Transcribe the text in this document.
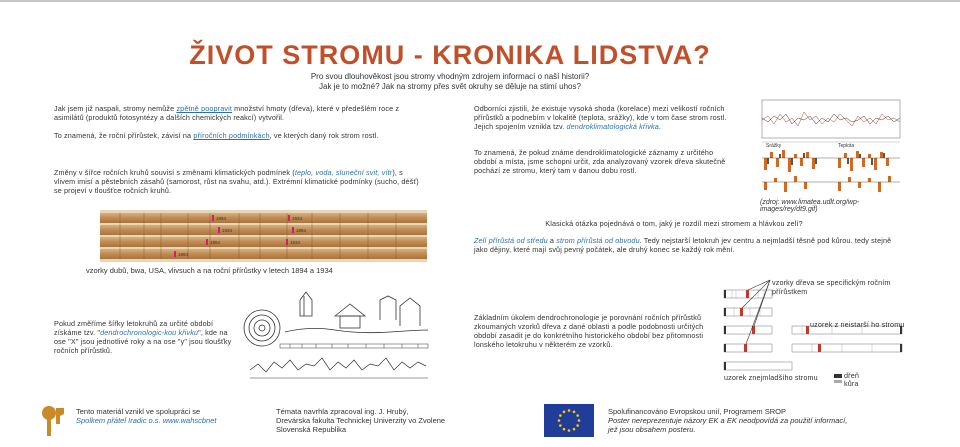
ŽIVOT STROMU - KRONIKA LIDSTVA?
Pro svou dlouhověkost jsou stromy vhodným zdrojem informací o naší historii?
Jak je to možné? Jak na stromy přes svět okruhy se děluje na stimí uhos?
Jak jsem již naspali, stromy nemůže zpětně poopravit množství hmoty (dřeva), které v předešlém roce z asimilátů (produktů fotosyntézy a dalších chemických reakcí) vytvořil.
To znamená, že roční přírůstek, závisí na příročních podmínkách, ve kterých daný rok strom rostl.
Změny v šířce ročních kruhů souvisí s změnami klimatických podmínek (teplo, voda, sluneční svit, vítr), s vlivem imisí a pěstebních zásahů (samorost, růst na svahu, atd.). Extrémní klimatické podmínky (sucho, déšť) se projeví v tloušťce ročních kruhů.
1894
1934
1894
1934
1894
1934
1894
vzorky dubů, bwa, USA, vlivsuch a na roční přírůstky v letech 1894 a 1934
Pokud změříme šířky letokruhů za určité období získáme tzv. "dendrochronologic-kou křivku", kde na ose "X" jsou jednotlivé roky a na ose "y" jsou tloušťky ročních přírůstků.
Odborníci zjistili, že existuje vysoká shoda (korelace) mezi velikostí ročních přírůstků a podnebím v lokalitě (teplota, srážky), kde v tom čase strom rostl. Jejich spojením vznikla tzv. dendroklimatologická křivka.
To znamená, že pokud známe dendroklimatologické záznamy z určitého období a místa, jsme schopni určit, zda analyzovaný vzorek dřeva skutečně pochází ze stromu, který tam v danou dobu rostl.
Srážky	Teplota
(zdroj: www.limatea.udlt.org/wp-images/rey/dt9.gif)
Klasická otázka pojednává o tom, jaký je rozdíl mezi stromem a hlávkou zelí?
Zelí přírůstá od středu a strom přírůstá od obvodu. Tedy nejstarší letokruh jev centru a nejmladší těsně pod kůrou. tedy stejně jako dějiny, které mají svůj pevný počátek, ale druhý konec se každý rok mění.
Základním úkolem dendrochronologie je porovnání ročních přírůstků zkoumaných vzorků dřeva z dané oblasti a podle podobnosti určitých období zasadit je do konkrétního historického období bez přitomnosti lonského letokruhu v některém ze vzorků.
vzorky dřeva se specifickým ročním přírůstkem
uzorek z neistarší ho stromu
uzorek znejmladšího stromu	dřeň
kůra
Tento materiál vznikl ve spolupráci se
Spolkem přátel Iradic o.s. www.wahscbnet
Témata navrhla zpracoval ing. J. Hrubý,
Drevárska fakulta Technickej Univerzity vo Zvolene
Slovenská Republika
Spolufinancováno Evropskou unií, Programem SROP
Poster nereprezentuje názory EK a EK neodpovídá za použití informací,
jež jsou obsahem posteru.
